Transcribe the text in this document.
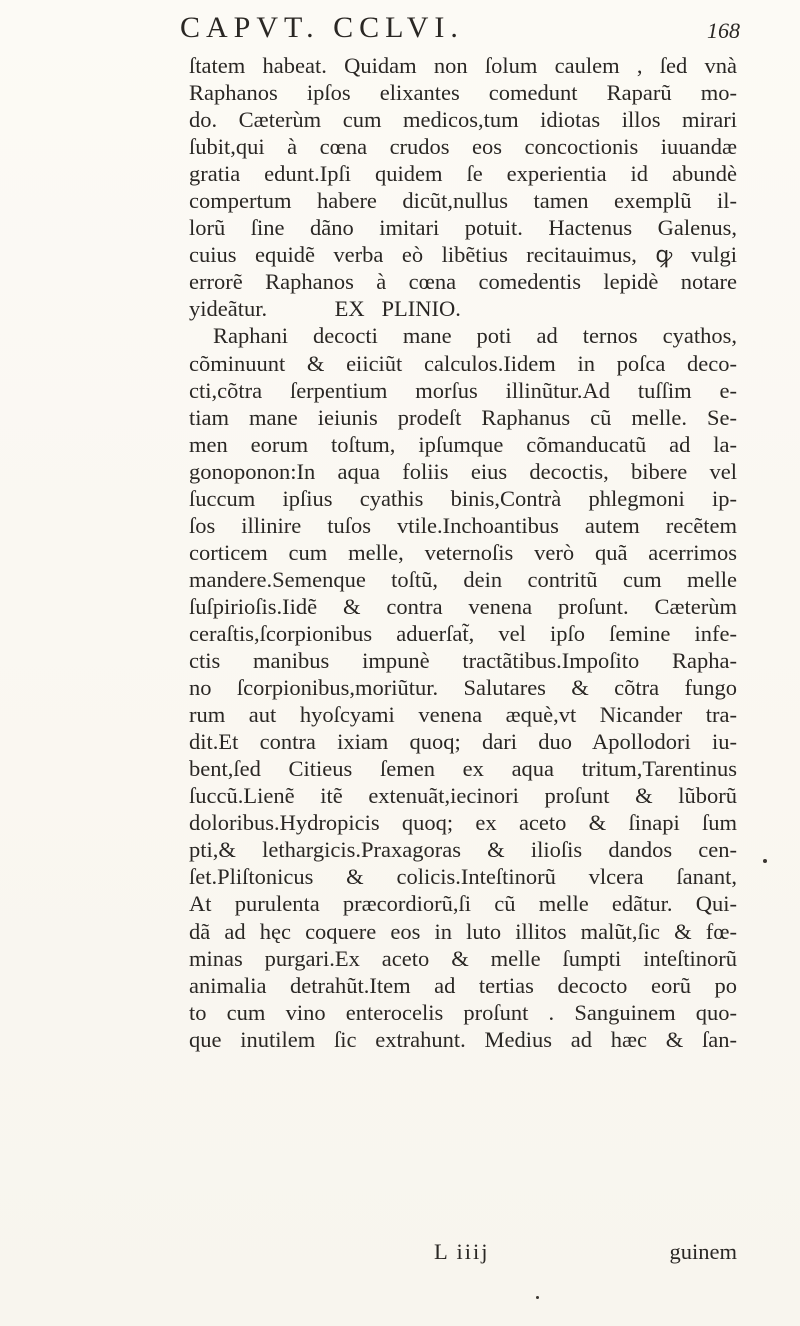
CAPVT. CCLVI.	168
ſtatem habeat. Quidam non ſolum caulem , ſed vnà
Raphanos ipſos elixantes comedunt Raparũ mo-
do. Cæterùm cum medicos,tum idiotas illos mirari
ſubit,qui à cœna crudos eos concoctionis iuuandæ
gratia edunt.Ipſi quidem ſe experientia id abundè
compertum habere dicũt,nullus tamen exemplũ il-
lorũ ſine dãno imitari potuit. Hactenus Galenus,
cuius equidẽ verba eò libẽtius recitauimus, ꝙ vulgi
errorẽ Raphanos à cœna comedentis lepidè notare
yideãtur.            EX   PLINIO.
Raphani decocti mane poti ad ternos cyathos,
cõminuunt & eiiciũt calculos.Iidem in poſca deco-
cti,cõtra ſerpentium morſus illinũtur.Ad tuſſim e-
tiam mane ieiunis prodeſt Raphanus cũ melle. Se-
men eorum toſtum, ipſumque cõmanducatũ ad la-
gonoponon:In aqua foliis eius decoctis, bibere vel
ſuccum ipſius cyathis binis,Contrà phlegmoni ip-
ſos illinire tuſos vtile.Inchoantibus autem recẽtem
corticem cum melle, veternoſis verò quã acerrimos
mandere.Semenque toſtũ, dein contritũ cum melle
ſuſpirioſis.Iidẽ & contra venena proſunt. Cæterùm
ceraſtis,ſcorpionibus aduerſat̃, vel ipſo ſemine infe-
ctis manibus impunè tractãtibus.Impoſito Rapha-
no ſcorpionibus,moriũtur. Salutares & cõtra fungo
rum aut hyoſcyami venena æquè,vt Nicander tra-
dit.Et contra ixiam quoq; dari duo Apollodori iu-
bent,ſed Citieus ſemen ex aqua tritum,Tarentinus
ſuccũ.Lienẽ itẽ extenuãt,iecinori proſunt & lũborũ
doloribus.Hydropicis quoq; ex aceto & ſinapi ſum
pti,& lethargicis.Praxagoras & ilioſis dandos cen-
ſet.Pliſtonicus & colicis.Inteſtinorũ vlcera ſanant,
At purulenta præcordiorũ,ſi cũ melle edãtur. Qui-
dã ad hęc coquere eos in luto illitos malũt,ſic & fœ-
minas purgari.Ex aceto & melle ſumpti inteſtinorũ
animalia detrahũt.Item ad tertias decocto eorũ po
to cum vino enterocelis proſunt . Sanguinem quo-
que inutilem ſic extrahunt. Medius ad hæc & ſan-
L iiij	guinem
